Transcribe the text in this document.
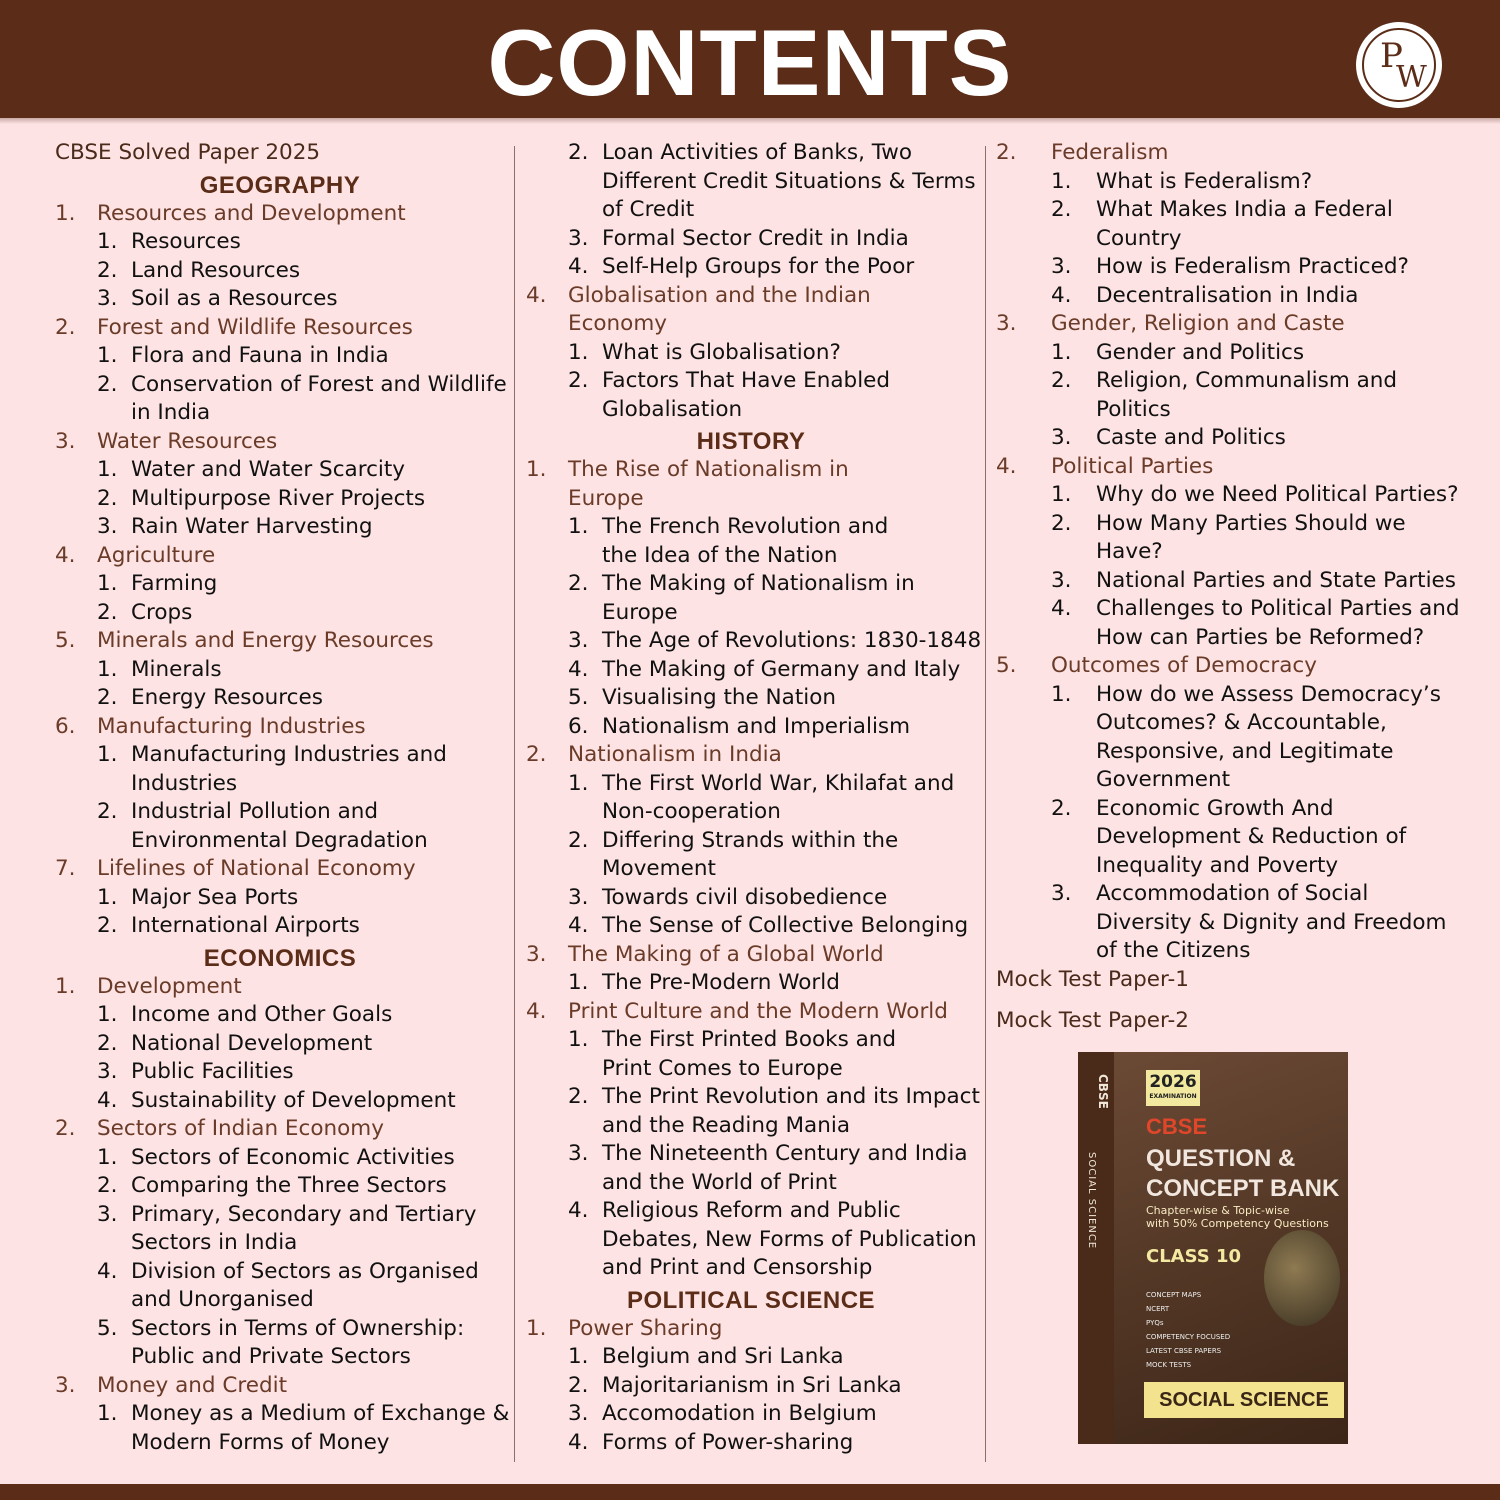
CONTENTS	P
W
CBSE Solved Paper 2025
GEOGRAPHY
1. Resources and Development
1. Resources
2. Land Resources
3. Soil as a Resources
2. Forest and Wildlife Resources
1. Flora and Fauna in India
2. Conservation of Forest and Wildlife
in India
3. Water Resources
1. Water and Water Scarcity
2. Multipurpose River Projects
3. Rain Water Harvesting
4. Agriculture
1. Farming
2. Crops
5. Minerals and Energy Resources
1. Minerals
2. Energy Resources
6. Manufacturing Industries
1. Manufacturing Industries and
Industries
2. Industrial Pollution and
Environmental Degradation
7. Lifelines of National Economy
1. Major Sea Ports
2. International Airports
ECONOMICS
1. Development
1. Income and Other Goals
2. National Development
3. Public Facilities
4. Sustainability of Development
2. Sectors of Indian Economy
1. Sectors of Economic Activities
2. Comparing the Three Sectors
3. Primary, Secondary and Tertiary
Sectors in India
4. Division of Sectors as Organised
and Unorganised
5. Sectors in Terms of Ownership:
Public and Private Sectors
3. Money and Credit
1. Money as a Medium of Exchange &
Modern Forms of Money
2. Loan Activities of Banks, Two
Different Credit Situations & Terms
of Credit
3. Formal Sector Credit in India
4. Self-Help Groups for the Poor
4. Globalisation and the Indian
Economy
1. What is Globalisation?
2. Factors That Have Enabled
Globalisation
HISTORY
1. The Rise of Nationalism in
Europe
1. The French Revolution and
the Idea of the Nation
2. The Making of Nationalism in
Europe
3. The Age of Revolutions: 1830-1848
4. The Making of Germany and Italy
5. Visualising the Nation
6. Nationalism and Imperialism
2. Nationalism in India
1. The First World War, Khilafat and
Non-cooperation
2. Differing Strands within the
Movement
3. Towards civil disobedience
4. The Sense of Collective Belonging
3. The Making of a Global World
1. The Pre-Modern World
4. Print Culture and the Modern World
1. The First Printed Books and
Print Comes to Europe
2. The Print Revolution and its Impact
and the Reading Mania
3. The Nineteenth Century and India
and the World of Print
4. Religious Reform and Public
Debates, New Forms of Publication
and Print and Censorship
POLITICAL SCIENCE
1. Power Sharing
1. Belgium and Sri Lanka
2. Majoritarianism in Sri Lanka
3. Accomodation in Belgium
4. Forms of Power-sharing
2. Federalism
1. What is Federalism?
2. What Makes India a Federal
Country
3. How is Federalism Practiced?
4. Decentralisation in India
3. Gender, Religion and Caste
1. Gender and Politics
2. Religion, Communalism and
Politics
3. Caste and Politics
4. Political Parties
1. Why do we Need Political Parties?
2. How Many Parties Should we
Have?
3. National Parties and State Parties
4. Challenges to Political Parties and
How can Parties be Reformed?
5. Outcomes of Democracy
1. How do we Assess Democracy’s
Outcomes? & Accountable,
Responsive, and Legitimate
Government
2. Economic Growth And
Development & Reduction of
Inequality and Poverty
3. Accommodation of Social
Diversity & Dignity and Freedom
of the Citizens
Mock Test Paper-1
Mock Test Paper-2
CBSE
SOCIAL SCIENCE
2026
EXAMINATION
CBSE
QUESTION & CONCEPT BANK
Chapter-wise & Topic-wise
with 50% Competency Questions
CLASS 10
CONCEPT MAPS
NCERT
PYQs
COMPETENCY FOCUSED
LATEST CBSE PAPERS
MOCK TESTS
SOCIAL SCIENCE
